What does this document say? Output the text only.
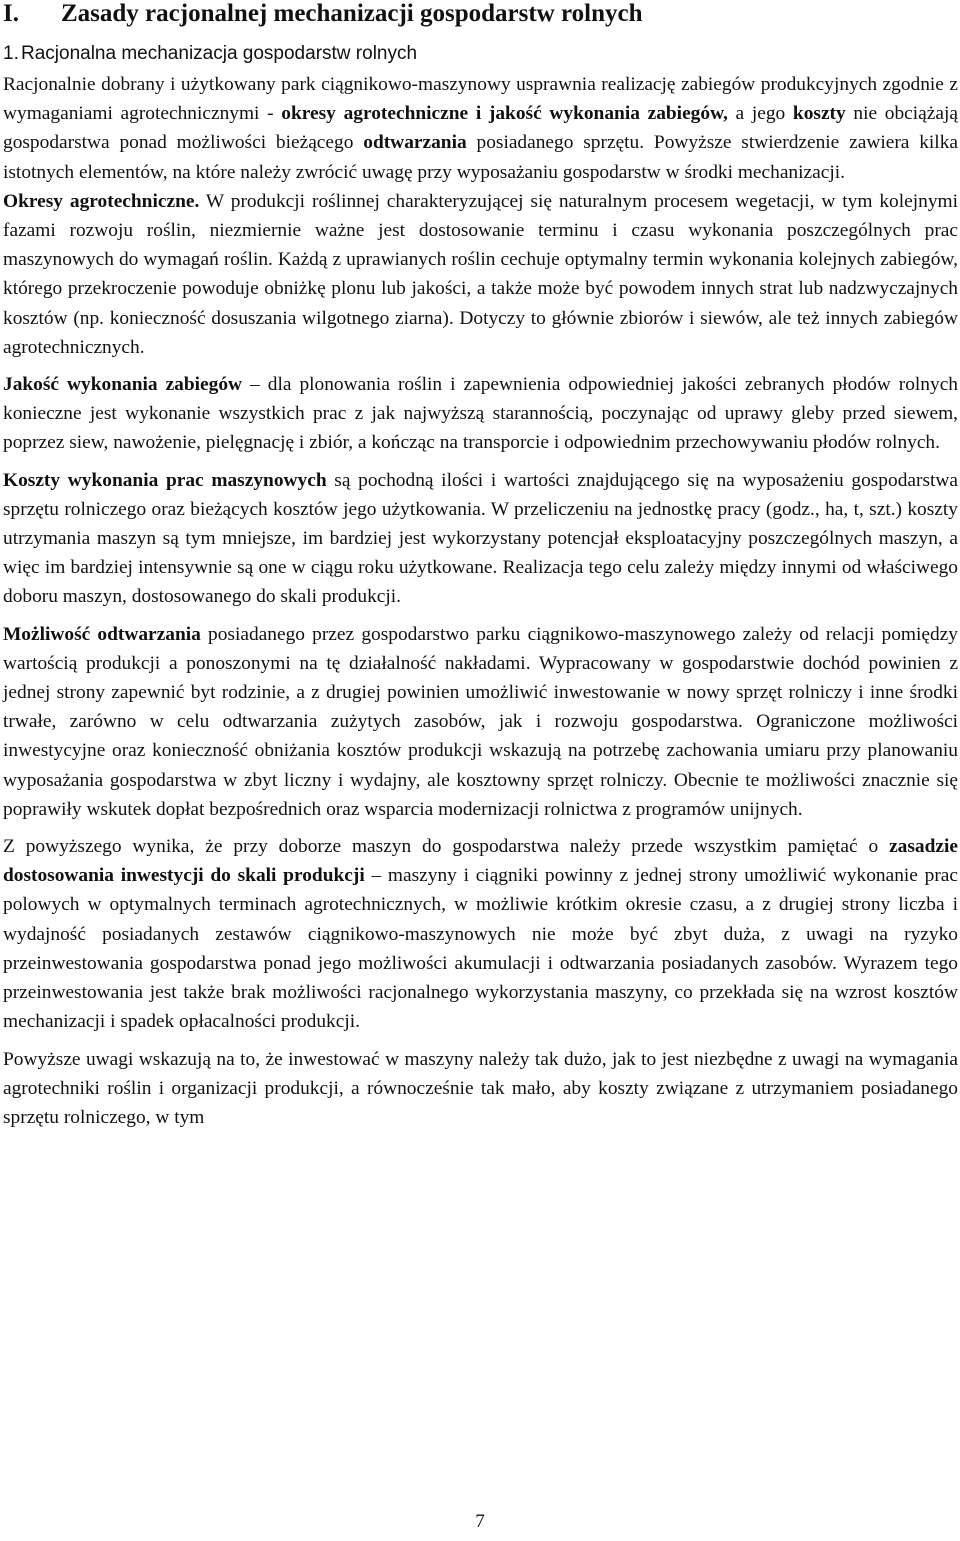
I. Zasady racjonalnej mechanizacji gospodarstw rolnych
1. Racjonalna mechanizacja gospodarstw rolnych

Racjonalnie dobrany i użytkowany park ciągnikowo-maszynowy usprawnia realizację zabiegów produkcyjnych zgodnie z wymaganiami agrotechnicznymi - okresy agrotechniczne i jakość wykonania zabiegów, a jego koszty nie obciążają gospodarstwa ponad możliwości bieżącego odtwarzania posiadanego sprzętu. Powyższe stwierdzenie zawiera kilka istotnych elementów, na które należy zwrócić uwagę przy wyposażaniu gospodarstw w środki mechanizacji.

Okresy agrotechniczne. W produkcji roślinnej charakteryzującej się naturalnym procesem wegetacji, w tym kolejnymi fazami rozwoju roślin, niezmiernie ważne jest dostosowanie terminu i czasu wykonania poszczególnych prac maszynowych do wymagań roślin. Każdą z uprawianych roślin cechuje optymalny termin wykonania kolejnych zabiegów, którego przekroczenie powoduje obniżkę plonu lub jakości, a także może być powodem innych strat lub nadzwyczajnych kosztów (np. konieczność dosuszania wilgotnego ziarna). Dotyczy to głównie zbiorów i siewów, ale też innych zabiegów agrotechnicznych.

Jakość wykonania zabiegów – dla plonowania roślin i zapewnienia odpowiedniej jakości zebranych płodów rolnych konieczne jest wykonanie wszystkich prac z jak najwyższą starannością, poczynając od uprawy gleby przed siewem, poprzez siew, nawożenie, pielęgnację i zbiór, a kończąc na transporcie i odpowiednim przechowywaniu płodów rolnych.

Koszty wykonania prac maszynowych są pochodną ilości i wartości znajdującego się na wyposażeniu gospodarstwa sprzętu rolniczego oraz bieżących kosztów jego użytkowania. W przeliczeniu na jednostkę pracy (godz., ha, t, szt.) koszty utrzymania maszyn są tym mniejsze, im bardziej jest wykorzystany potencjał eksploatacyjny poszczególnych maszyn, a więc im bardziej intensywnie są one w ciągu roku użytkowane. Realizacja tego celu zależy między innymi od właściwego doboru maszyn, dostosowanego do skali produkcji.

Możliwość odtwarzania posiadanego przez gospodarstwo parku ciągnikowo-maszynowego zależy od relacji pomiędzy wartością produkcji a ponoszonymi na tę działalność nakładami. Wypracowany w gospodarstwie dochód powinien z jednej strony zapewnić byt rodzinie, a z drugiej powinien umożliwić inwestowanie w nowy sprzęt rolniczy i inne środki trwałe, zarówno w celu odtwarzania zużytych zasobów, jak i rozwoju gospodarstwa. Ograniczone możliwości inwestycyjne oraz konieczność obniżania kosztów produkcji wskazują na potrzebę zachowania umiaru przy planowaniu wyposażania gospodarstwa w zbyt liczny i wydajny, ale kosztowny sprzęt rolniczy. Obecnie te możliwości znacznie się poprawiły wskutek dopłat bezpośrednich oraz wsparcia modernizacji rolnictwa z programów unijnych.

Z powyższego wynika, że przy doborze maszyn do gospodarstwa należy przede wszystkim pamiętać o zasadzie dostosowania inwestycji do skali produkcji – maszyny i ciągniki powinny z jednej strony umożliwić wykonanie prac polowych w optymalnych terminach agrotechnicznych, w możliwie krótkim okresie czasu, a z drugiej strony liczba i wydajność posiadanych zestawów ciągnikowo-maszynowych nie może być zbyt duża, z uwagi na ryzyko przeinwestowania gospodarstwa ponad jego możliwości akumulacji i odtwarzania posiadanych zasobów. Wyrazem tego przeinwestowania jest także brak możliwości racjonalnego wykorzystania maszyny, co przekłada się na wzrost kosztów mechanizacji i spadek opłacalności produkcji.

Powyższe uwagi wskazują na to, że inwestować w maszyny należy tak dużo, jak to jest niezbędne z uwagi na wymagania agrotechniki roślin i organizacji produkcji, a równocześnie tak mało, aby koszty związane z utrzymaniem posiadanego sprzętu rolniczego, w tym

7
